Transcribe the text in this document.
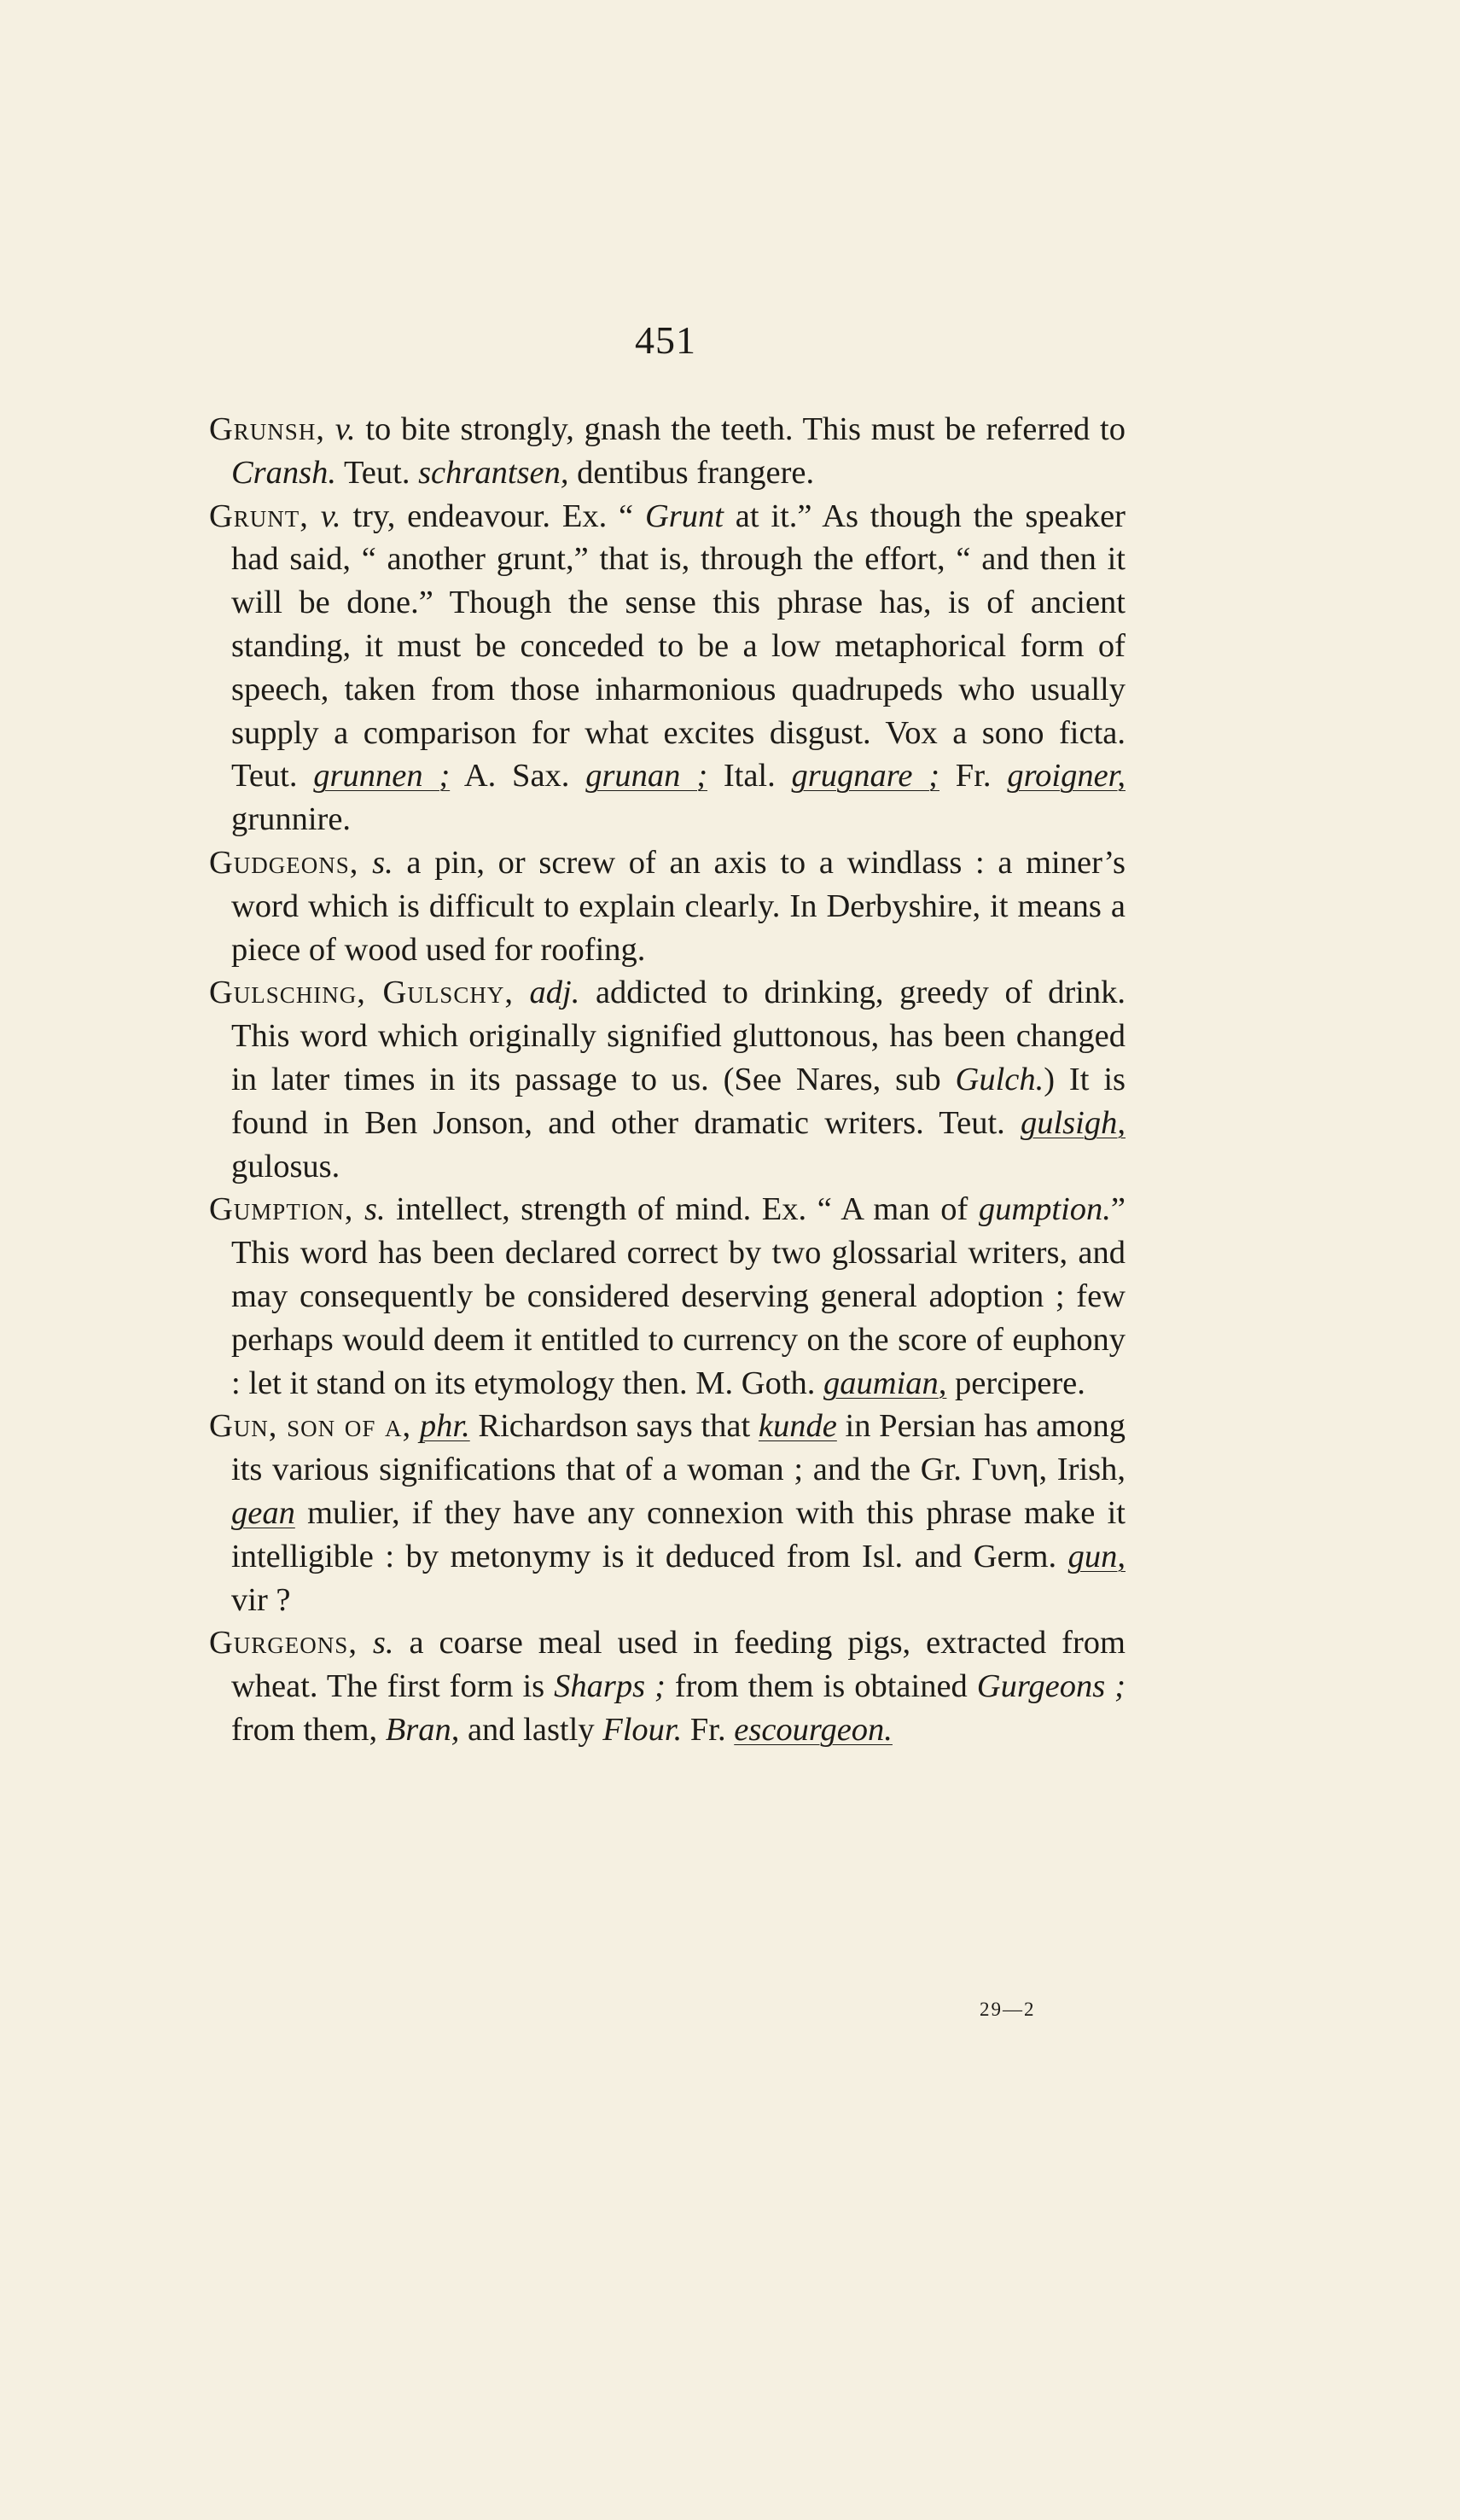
451

Grunsh, v. to bite strongly, gnash the teeth. This must be referred to Cransh. Teut. schrantsen, dentibus frangere.

Grunt, v. try, endeavour. Ex. “ Grunt at it.” As though the speaker had said, “ another grunt,” that is, through the effort, “ and then it will be done.” Though the sense this phrase has, is of ancient standing, it must be conceded to be a low metaphorical form of speech, taken from those inharmonious quadrupeds who usually supply a comparison for what excites disgust. Vox a sono ficta. Teut. grunnen ; A. Sax. grunan ; Ital. grugnare ; Fr. groigner, grunnire.

Gudgeons, s. a pin, or screw of an axis to a windlass : a miner’s word which is difficult to explain clearly. In Derbyshire, it means a piece of wood used for roofing.

Gulsching, Gulschy, adj. addicted to drinking, greedy of drink. This word which originally signified gluttonous, has been changed in later times in its passage to us. (See Nares, sub Gulch.) It is found in Ben Jonson, and other dramatic writers. Teut. gulsigh, gulosus.

Gumption, s. intellect, strength of mind. Ex. “ A man of gumption.” This word has been declared correct by two glossarial writers, and may consequently be considered deserving general adoption ; few perhaps would deem it entitled to currency on the score of euphony : let it stand on its etymology then. M. Goth. gaumian, percipere.

Gun, son of a, phr. Richardson says that kunde in Persian has among its various significations that of a woman ; and the Gr. Γυνη, Irish, gean mulier, if they have any connexion with this phrase make it intelligible : by metonymy is it deduced from Isl. and Germ. gun, vir ?

Gurgeons, s. a coarse meal used in feeding pigs, extracted from wheat. The first form is Sharps ; from them is obtained Gurgeons ; from them, Bran, and lastly Flour. Fr. escourgeon.

29—2
